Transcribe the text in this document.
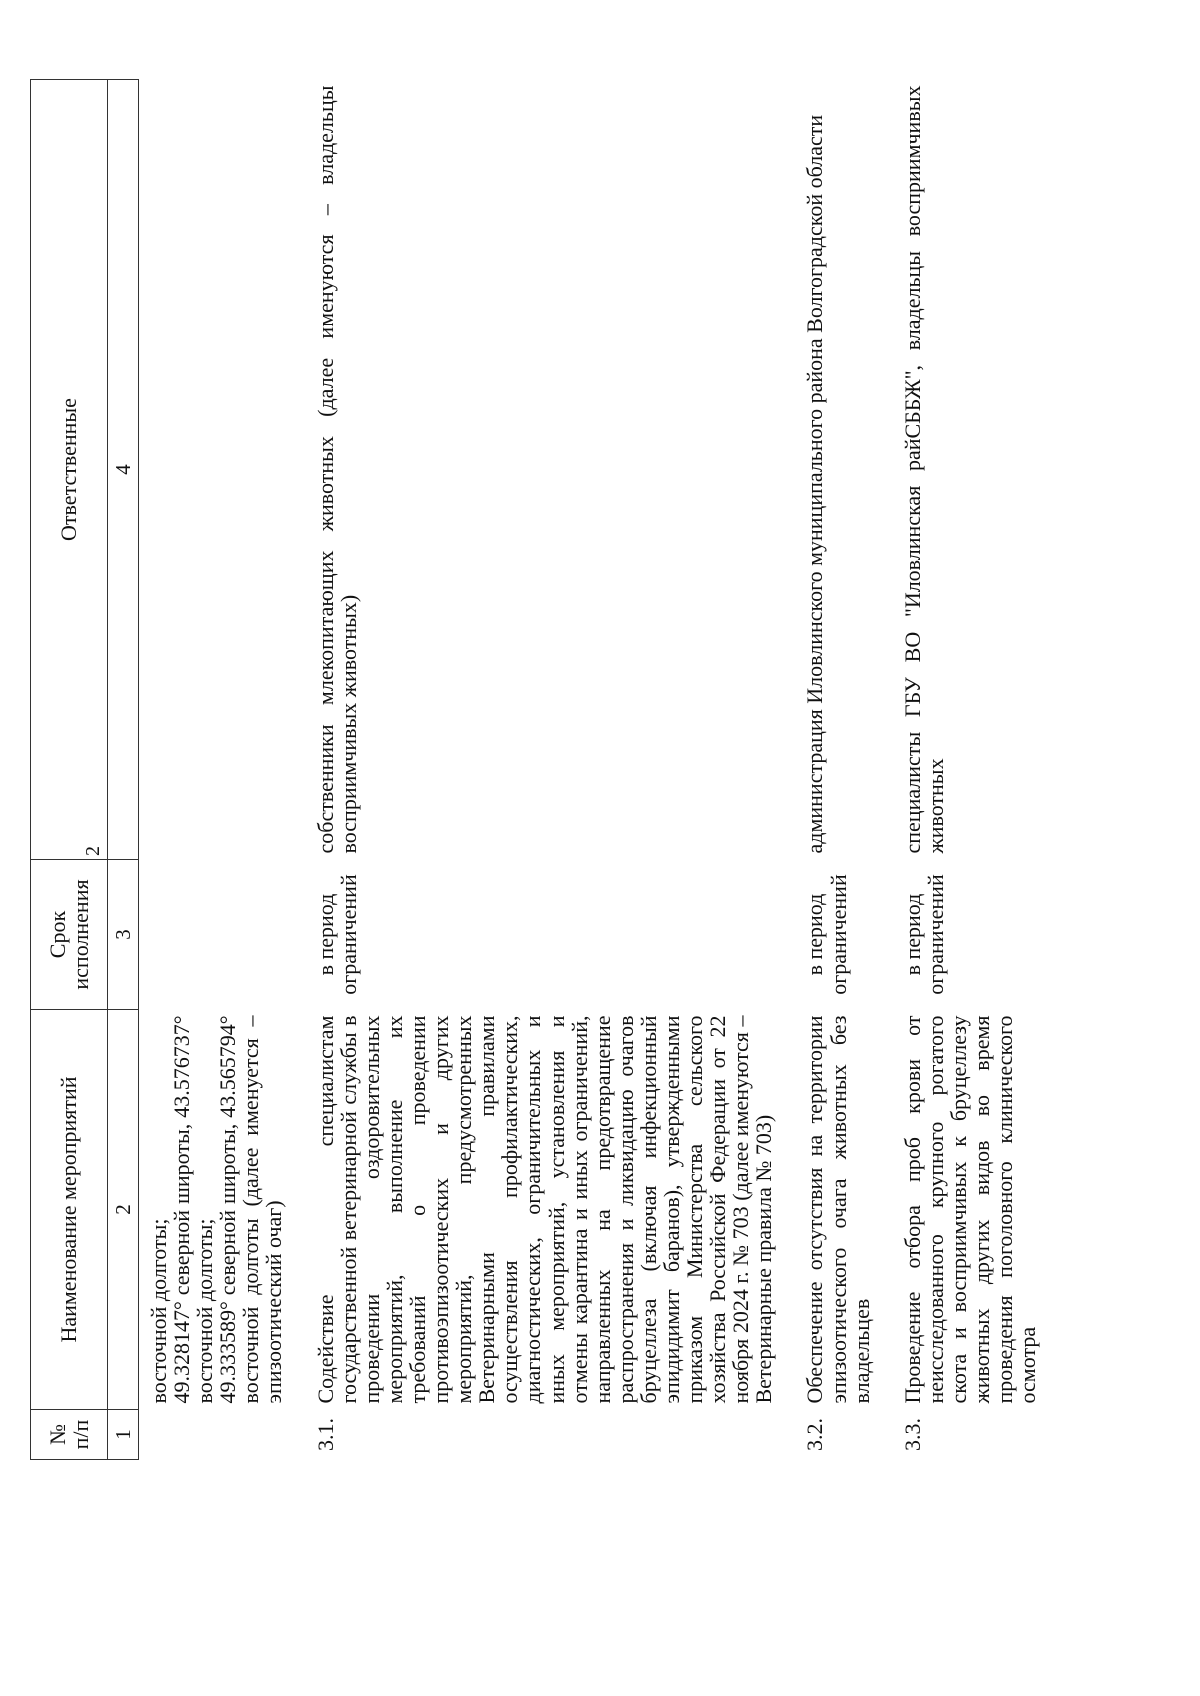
2
№ п/п	Наименование мероприятий	Срок исполнения	Ответственные
1	2	3	4

	восточной долготы;

49.328147° северной широты, 43.576737° восточной долготы;

49.333589° северной широты, 43.565794° восточной долготы (далее именуется – эпизоотический очаг)		

3.1.	Содействие специалистам государственной ветеринарной службы в проведении оздоровительных мероприятий, выполнение их требований о проведении противоэпизоотических и других мероприятий, предусмотренных Ветеринарными правилами осуществления профилактических, диагностических, ограничительных и иных мероприятий, установления и отмены карантина и иных ограничений, направленных на предотвращение распространения и ликвидацию очагов бруцеллеза (включая инфекционный эпидидимит баранов), утвержденными приказом Министерства сельского хозяйства Российской Федерации от 22 ноября 2024 г. № 703 (далее именуются – Ветеринарные правила № 703)	в период ограничений	собственники млекопитающих животных (далее именуются – владельцы восприимчивых животных)
3.2.	Обеспечение отсутствия на территории эпизоотического очага животных без владельцев	в период ограничений	администрация Иловлинского муниципального района Волгоградской области
3.3.	Проведение отбора проб крови от неисследованного крупного рогатого скота и восприимчивых к бруцеллезу животных других видов во время проведения поголовного клинического осмотра	в период ограничений	специалисты ГБУ ВО "Иловлинская райСББЖ", владельцы восприимчивых животных
